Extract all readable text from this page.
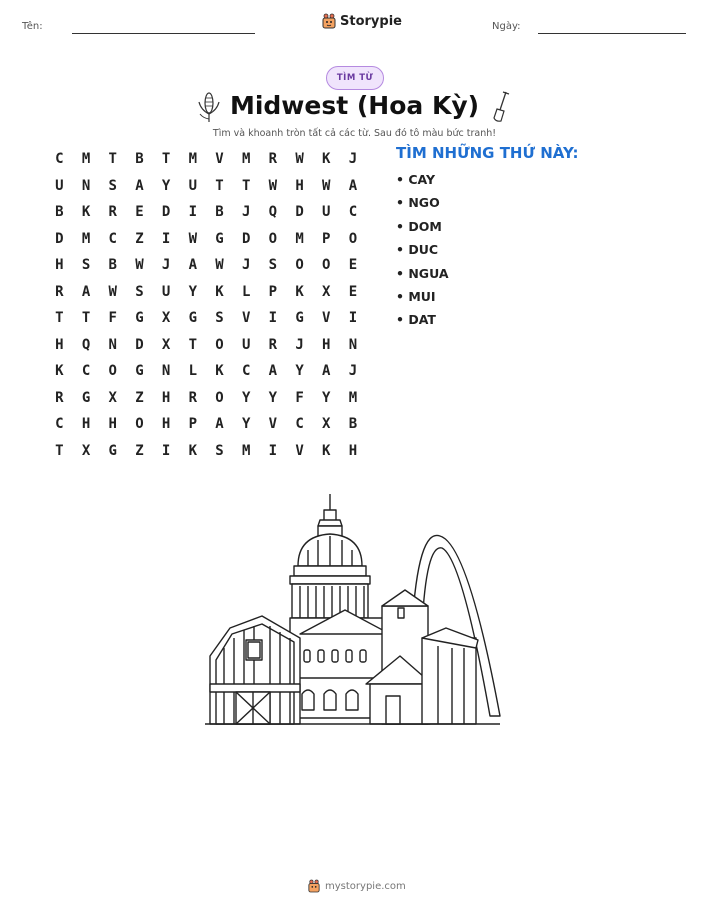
Tên:	Storypie	Ngày:
TÌM TỪ
Midwest (Hoa Kỳ)
Tìm và khoanh tròn tất cả các từ. Sau đó tô màu bức tranh!
C	M	T	B	T	M	V	M	R	W	K	J
U	N	S	A	Y	U	T	T	W	H	W	A
B	K	R	E	D	I	B	J	Q	D	U	C
D	M	C	Z	I	W	G	D	O	M	P	O
H	S	B	W	J	A	W	J	S	O	O	E
R	A	W	S	U	Y	K	L	P	K	X	E
T	T	F	G	X	G	S	V	I	G	V	I
H	Q	N	D	X	T	O	U	R	J	H	N
K	C	O	G	N	L	K	C	A	Y	A	J
R	G	X	Z	H	R	O	Y	Y	F	Y	M
C	H	H	O	H	P	A	Y	V	C	X	B
T	X	G	Z	I	K	S	M	I	V	K	H
TÌM NHỮNG THỨ NÀY:
• CAY
• NGO
• DOM
• DUC
• NGUA
• MUI
• DAT
mystorypie.com
